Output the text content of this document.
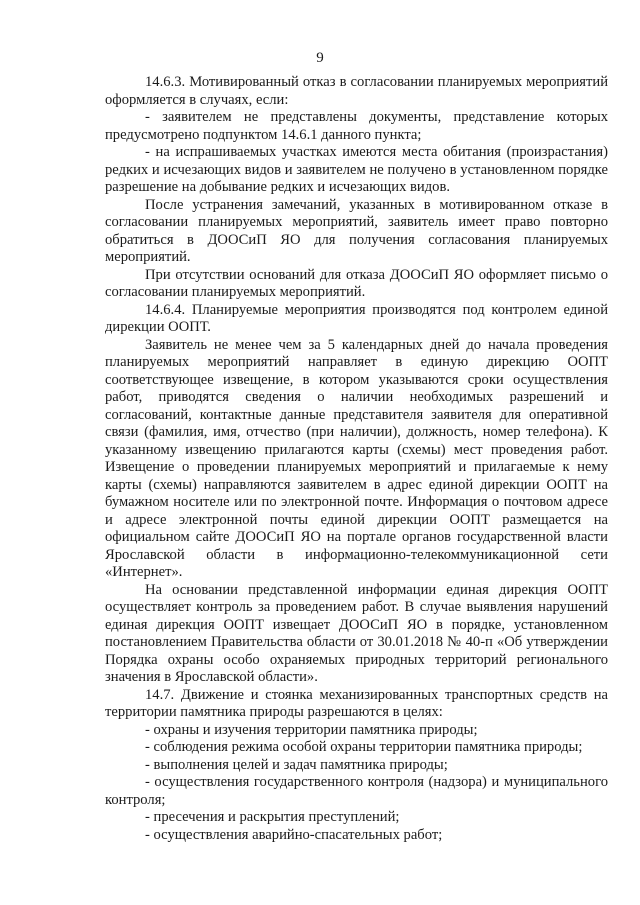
9

14.6.3. Мотивированный отказ в согласовании планируемых мероприятий оформляется в случаях, если:

- заявителем не представлены документы, представление которых предусмотрено подпунктом 14.6.1 данного пункта;

- на испрашиваемых участках имеются места обитания (произрастания) редких и исчезающих видов и заявителем не получено в установленном порядке разрешение на добывание редких и исчезающих видов.

После устранения замечаний, указанных в мотивированном отказе в согласовании планируемых мероприятий, заявитель имеет право повторно обратиться в ДООСиП ЯО для получения согласования планируемых мероприятий.

При отсутствии оснований для отказа ДООСиП ЯО оформляет письмо о согласовании планируемых мероприятий.

14.6.4. Планируемые мероприятия производятся под контролем единой дирекции ООПТ.

Заявитель не менее чем за 5 календарных дней до начала проведения планируемых мероприятий направляет в единую дирекцию ООПТ соответствующее извещение, в котором указываются сроки осуществления работ, приводятся сведения о наличии необходимых разрешений и согласований, контактные данные представителя заявителя для оперативной связи (фамилия, имя, отчество (при наличии), должность, номер телефона). К указанному извещению прилагаются карты (схемы) мест проведения работ. Извещение о проведении планируемых мероприятий и прилагаемые к нему карты (схемы) направляются заявителем в адрес единой дирекции ООПТ на бумажном носителе или по электронной почте. Информация о почтовом адресе и адресе электронной почты единой дирекции ООПТ размещается на официальном сайте ДООСиП ЯО на портале органов государственной власти Ярославской области в информационно-телекоммуникационной сети «Интернет».

На основании представленной информации единая дирекция ООПТ осуществляет контроль за проведением работ. В случае выявления нарушений единая дирекция ООПТ извещает ДООСиП ЯО в порядке, установленном постановлением Правительства области от 30.01.2018 № 40-п «Об утверждении Порядка охраны особо охраняемых природных территорий регионального значения в Ярославской области».

14.7. Движение и стоянка механизированных транспортных средств на территории памятника природы разрешаются в целях:

- охраны и изучения территории памятника природы;

- соблюдения режима особой охраны территории памятника природы;

- выполнения целей и задач памятника природы;

- осуществления государственного контроля (надзора) и муниципального контроля;

- пресечения и раскрытия преступлений;

- осуществления аварийно-спасательных работ;
